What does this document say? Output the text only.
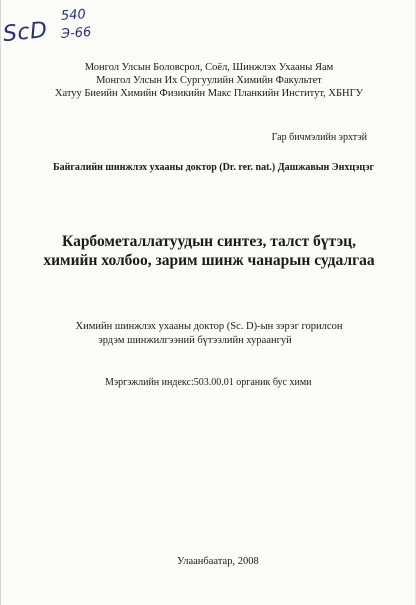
ScD
540
Э-66
Монгол Улсын Боловсрол, Соёл, Шинжлэх Ухааны Яам
Монгол Улсын Их Сургуулийн Химийн Факультет
Хатуу Биеийн Химийн Физикийн Макс Планкийн Институт, ХБНГУ
Гар бичмэлийн эрхтэй
Байгалийн шинжлэх ухааны доктор (Dr. rer. nat.) Дашжавын Энхцэцэг
Карбометаллатуудын синтез, талст бүтэц,
химийн холбоо, зарим шинж чанарын судалгаа
Химийн шинжлэх ухааны доктор (Sc. D)-ын зэрэг горилсон
эрдэм шинжилгээний бүтээлийн хураангуй
Мэргэжлийн индекс:503.00.01 органик бус хими
Улаанбаатар, 2008
